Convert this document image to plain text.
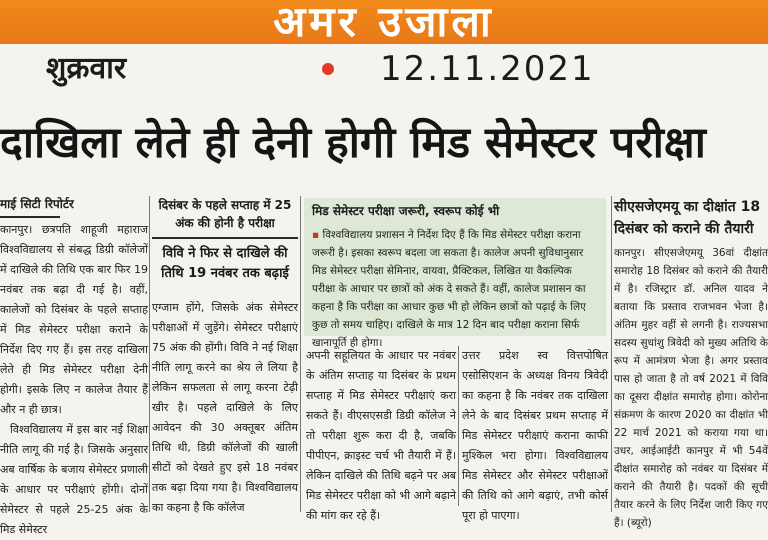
अमर उजाला
शुक्रवार	12.11.2021
दाखिला लेते ही देनी होगी मिड सेमेस्टर परीक्षा
माई सिटी रिपोर्टर

कानपुर। छत्रपति शाहूजी महाराज विश्वविद्यालय से संबद्ध डिग्री कॉलेजों में दाखिले की तिथि एक बार फिर 19 नवंबर तक बढ़ा दी गई है। वहीं, कालेजों को दिसंबर के पहले सप्ताह में मिड सेमेस्टर परीक्षा कराने के निर्देश दिए गए हैं। इस तरह दाखिला लेते ही मिड सेमेस्टर परीक्षा देनी होगी। इसके लिए न कालेज तैयार हैं और न ही छात्र।

विश्वविद्यालय में इस बार नई शिक्षा नीति लागू की गई है। जिसके अनुसार अब वार्षिक के बजाय सेमेस्टर प्रणाली के आधार पर परीक्षाएं होंगी। दोनों सेमेस्टर से पहले 25-25 अंक के मिड सेमेस्टर

दिसंबर के पहले सप्ताह में 25 अंक की होनी है परीक्षा
विवि ने फिर से दाखिले की तिथि 19 नवंबर तक बढ़ाई
एग्जाम होंगे, जिसके अंक सेमेस्टर परीक्षाओं में जुड़ेंगे। सेमेस्टर परीक्षाएं 75 अंक की होंगी। विवि ने नई शिक्षा नीति लागू करने का श्रेय ले लिया है लेकिन सफलता से लागू करना टेढ़ी खीर है। पहले दाखिले के लिए आवेदन की 30 अक्तूबर अंतिम तिथि थी, डिग्री कॉलेजों की खाली सीटों को देखते हुए इसे 18 नवंबर तक बढ़ा दिया गया है। विश्वविद्यालय का कहना है कि कॉलेज
मिड सेमेस्टर परीक्षा जरूरी, स्वरूप कोई भी
▪ विश्वविद्यालय प्रशासन ने निर्देश दिए हैं कि मिड सेमेस्टर परीक्षा कराना जरूरी है। इसका स्वरूप बदला जा सकता है। कालेज अपनी सुविधानुसार मिड सेमेस्टर परीक्षा सेमिनार, वायवा, प्रैक्टिकल, लिखित या वैकल्पिक परीक्षा के आधार पर छात्रों को अंक दे सकते हैं। वहीं, कालेज प्रशासन का कहना है कि परीक्षा का आधार कुछ भी हो लेकिन छात्रों को पढ़ाई के लिए कुछ तो समय चाहिए। दाखिले के मात्र 12 दिन बाद परीक्षा कराना सिर्फ खानापूर्ति ही होगा।
अपनी सहूलियत के आधार पर नवंबर के अंतिम सप्ताह या दिसंबर के प्रथम सप्ताह में मिड सेमेस्टर परीक्षाएं करा सकते हैं। वीएसएसडी डिग्री कॉलेज ने तो परीक्षा शुरू करा दी है, जबकि पीपीएन, क्राइस्ट चर्च भी तैयारी में हैं। लेकिन दाखिले की तिथि बढ़ने पर अब मिड सेमेस्टर परीक्षा को भी आगे बढ़ाने की मांग कर रहे हैं।
उत्तर प्रदेश स्व वित्तपोषित एसोसिएशन के अध्यक्ष विनय त्रिवेदी का कहना है कि नवंबर तक दाखिला लेने के बाद दिसंबर प्रथम सप्ताह में मिड सेमेस्टर परीक्षाएं कराना काफी मुश्किल भरा होगा। विश्वविद्यालय मिड सेमेस्टर और सेमेस्टर परीक्षाओं की तिथि को आगे बढ़ाएं, तभी कोर्स पूरा हो पाएगा।
सीएसजेएमयू का दीक्षांत 18 दिसंबर को कराने की तैयारी
कानपुर। सीएसजेएमयू 36वां दीक्षांत समारोह 18 दिसंबर को कराने की तैयारी में है। रजिस्ट्रार डॉ. अनिल यादव ने बताया कि प्रस्ताव राजभवन भेजा है। अंतिम मुहर वहीं से लगनी है। राज्यसभा सदस्य सुधांशु त्रिवेदी को मुख्य अतिथि के रूप में आमंत्रण भेजा है। अगर प्रस्ताव पास हो जाता है तो वर्ष 2021 में विवि का दूसरा दीक्षांत समारोह होगा। कोरोना संक्रमण के कारण 2020 का दीक्षांत भी 22 मार्च 2021 को कराया गया था। उधर, आईआईटी कानपुर में भी 54वें दीक्षांत समारोह को नवंबर या दिसंबर में कराने की तैयारी है। पदकों की सूची तैयार करने के लिए निर्देश जारी किए गए हैं। (ब्यूरो)
